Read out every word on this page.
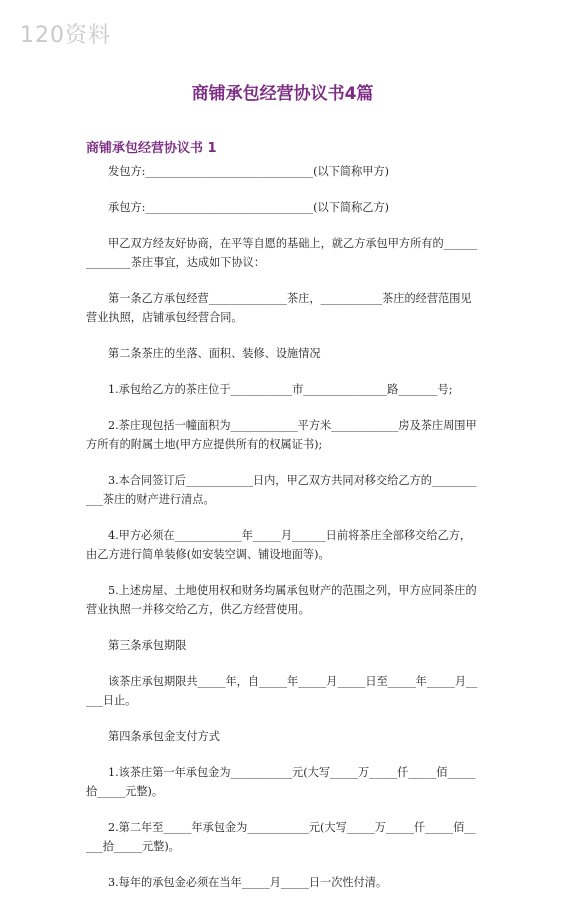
120资料
商铺承包经营协议书4篇
商铺承包经营协议书 1

发包方:______________________________(以下简称甲方)

承包方:______________________________(以下简称乙方)

甲乙双方经友好协商，在平等自愿的基础上，就乙方承包甲方所有的______________茶庄事宜，达成如下协议：

第一条乙方承包经营______________茶庄，___________茶庄的经营范围见营业执照，店铺承包经营合同。

第二条茶庄的坐落、面积、装修、设施情况

1.承包给乙方的茶庄位于___________市_______________路_______号;

2.茶庄现包括一幢面积为____________平方米____________房及茶庄周围甲方所有的附属土地(甲方应提供所有的权属证书);

3.本合同签订后____________日内，甲乙双方共同对移交给乙方的___________茶庄的财产进行清点。

4.甲方必须在____________年_____月______日前将茶庄全部移交给乙方，由乙方进行简单装修(如安装空调、铺设地面等)。

5.上述房屋、土地使用权和财务均属承包财产的范围之列，甲方应同茶庄的营业执照一并移交给乙方，供乙方经营使用。

第三条承包期限

该茶庄承包期限共_____年，自_____年_____月_____日至_____年_____月_____日止。

第四条承包金支付方式

1.该茶庄第一年承包金为___________元(大写_____万_____仟_____佰_____拾_____元整)。

2.第二年至_____年承包金为___________元(大写_____万_____仟_____佰_____拾_____元整)。

3.每年的承包金必须在当年_____月_____日一次性付清。
